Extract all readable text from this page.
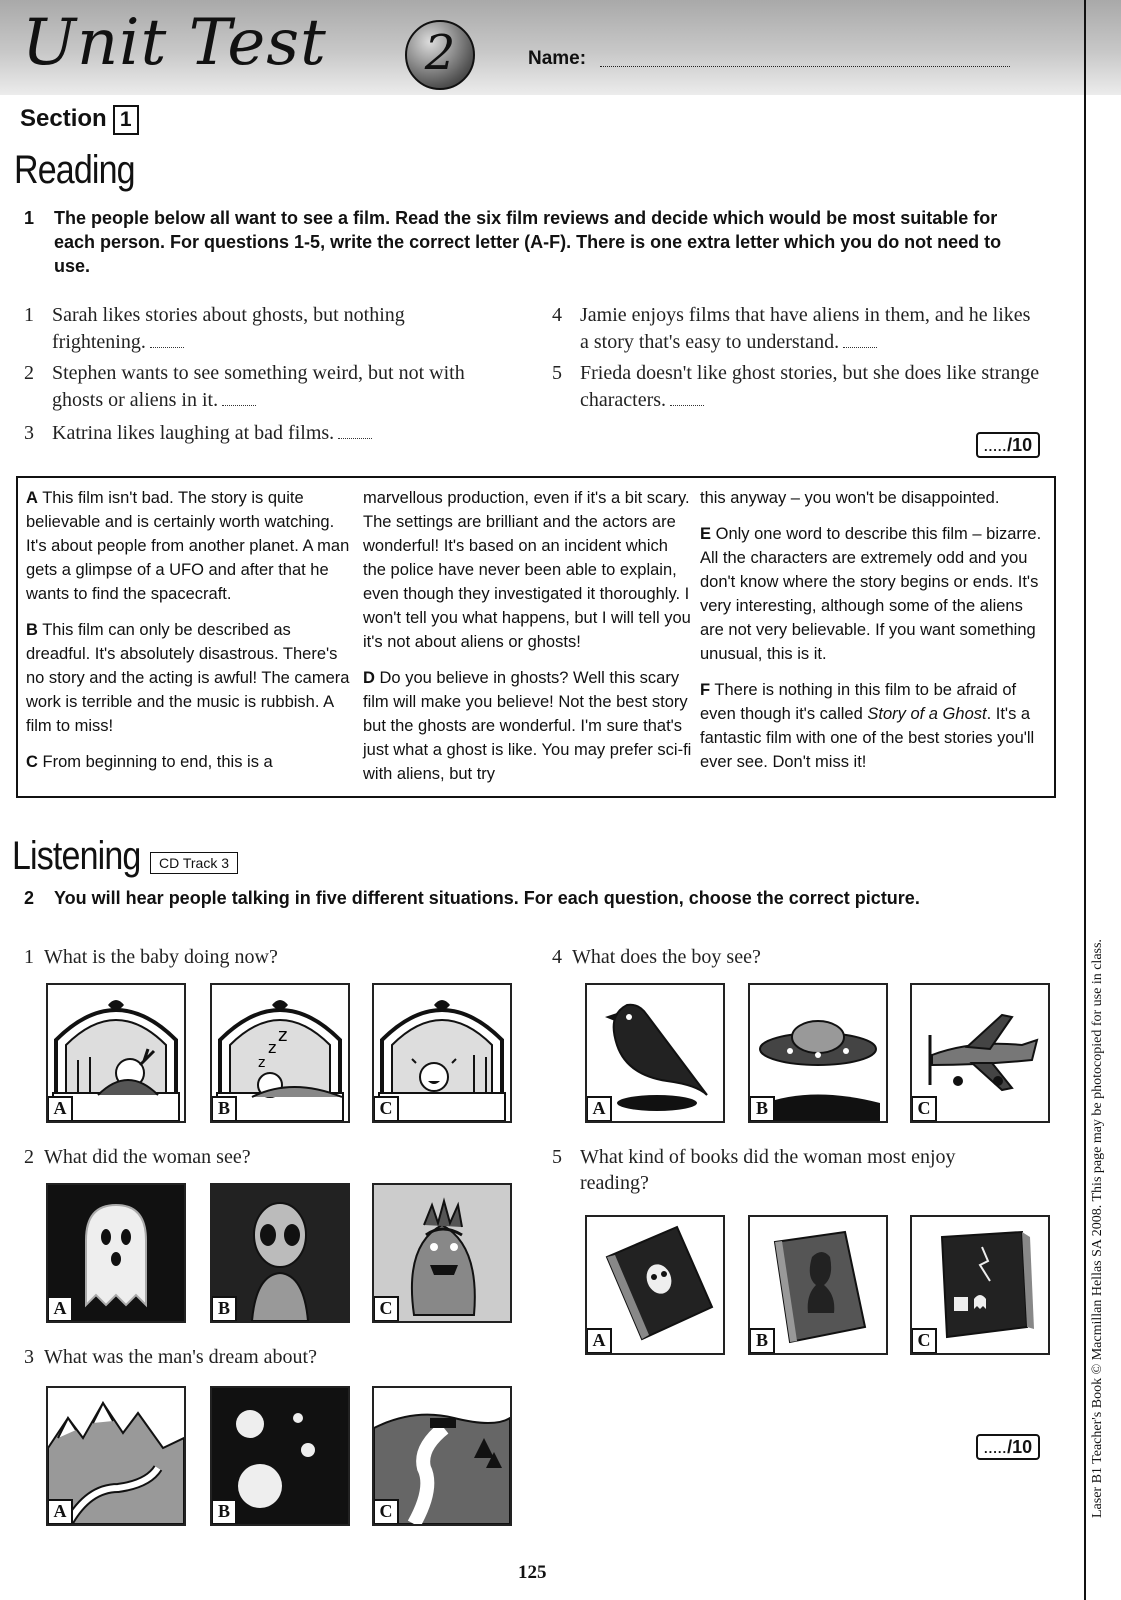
Unit Test	2	Name:
Section 1
Reading
1 The people below all want to see a film. Read the six film reviews and decide which would be most suitable for each person. For questions 1-5, write the correct letter (A-F). There is one extra letter which you do not need to use.
1 Sarah likes stories about ghosts, but nothing frightening.
2 Stephen wants to see something weird, but not with ghosts or aliens in it.
3 Katrina likes laughing at bad films.
4 Jamie enjoys films that have aliens in them, and he likes a story that's easy to understand.
5 Frieda doesn't like ghost stories, but she does like strange characters.
...../10

A This film isn't bad. The story is quite believable and is certainly worth watching. It's about people from another planet. A man gets a glimpse of a UFO and after that he wants to find the spacecraft.

B This film can only be described as dreadful. It's absolutely disastrous. There's no story and the acting is awful! The camera work is terrible and the music is rubbish. A film to miss!

C From beginning to end, this is a

marvellous production, even if it's a bit scary. The settings are brilliant and the actors are wonderful! It's based on an incident which the police have never been able to explain, even though they investigated it thoroughly. I won't tell you what happens, but I will tell you it's not about aliens or ghosts!

D Do you believe in ghosts? Well this scary film will make you believe! Not the best story but the ghosts are wonderful. I'm sure that's just what a ghost is like. You may prefer sci-fi with aliens, but try

this anyway – you won't be disappointed.

E Only one word to describe this film – bizarre. All the characters are extremely odd and you don't know where the story begins or ends. It's very interesting, although some of the aliens are not very believable. If you want something unusual, this is it.

F There is nothing in this film to be afraid of even though it's called Story of a Ghost. It's a fantastic film with one of the best stories you'll ever see. Don't miss it!

Listening	CD Track 3
2 You will hear people talking in five different situations. For each question, choose the correct picture.
1 What is the baby doing now?
2 What did the woman see?
3 What was the man's dream about?
4 What does the boy see?
5 What kind of books did the woman most enjoy reading?
A
z
z
z
B	C
A	B	C
A	B	C
A	B	C
A	B	C
...../10	Laser B1 Teacher's Book © Macmillan Hellas SA 2008. This page may be photocopied for use in class.
125
